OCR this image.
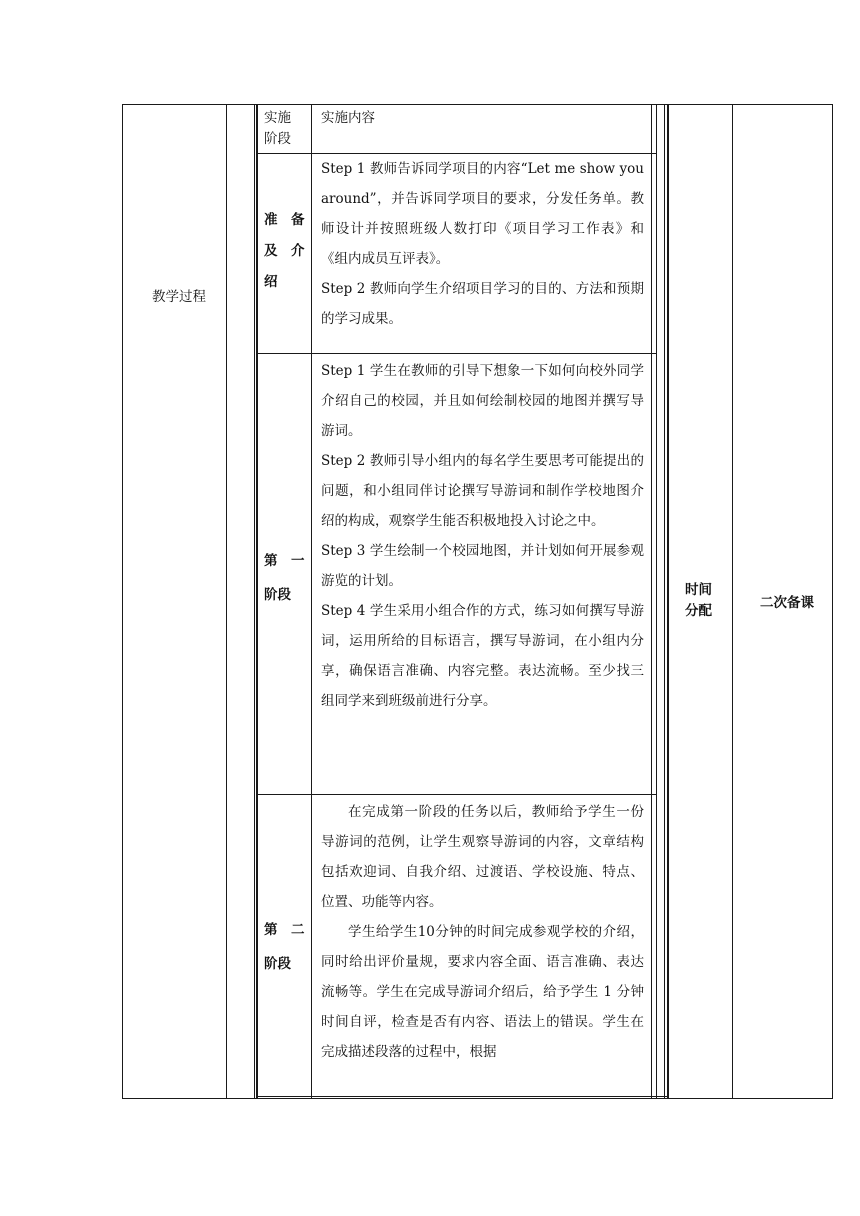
教学过程
实施
阶段
实施内容
准　备
及　介
绍

Step 1 教师告诉同学项目的内容“Let me show you around”，并告诉同学项目的要求，分发任务单。教师设计并按照班级人数打印《项目学习工作表》和《组内成员互评表》。

Step 2 教师向学生介绍项目学习的目的、方法和预期的学习成果。

第　一
阶段

Step 1 学生在教师的引导下想象一下如何向校外同学介绍自己的校园，并且如何绘制校园的地图并撰写导游词。

Step 2 教师引导小组内的每名学生要思考可能提出的问题，和小组同伴讨论撰写导游词和制作学校地图介绍的构成，观察学生能否积极地投入讨论之中。

Step 3 学生绘制一个校园地图，并计划如何开展参观游览的计划。

Step 4 学生采用小组合作的方式，练习如何撰写导游词，运用所给的目标语言，撰写导游词，在小组内分享，确保语言准确、内容完整。表达流畅。至少找三组同学来到班级前进行分享。

第　二
阶段

在完成第一阶段的任务以后，教师给予学生一份导游词的范例，让学生观察导游词的内容，文章结构包括欢迎词、自我介绍、过渡语、学校设施、特点、位置、功能等内容。

学生给学生10分钟的时间完成参观学校的介绍，同时给出评价量规，要求内容全面、语言准确、表达流畅等。学生在完成导游词介绍后，给予学生 1 分钟时间自评，检查是否有内容、语法上的错误。学生在完成描述段落的过程中，根据

时间
分配	二次备课
